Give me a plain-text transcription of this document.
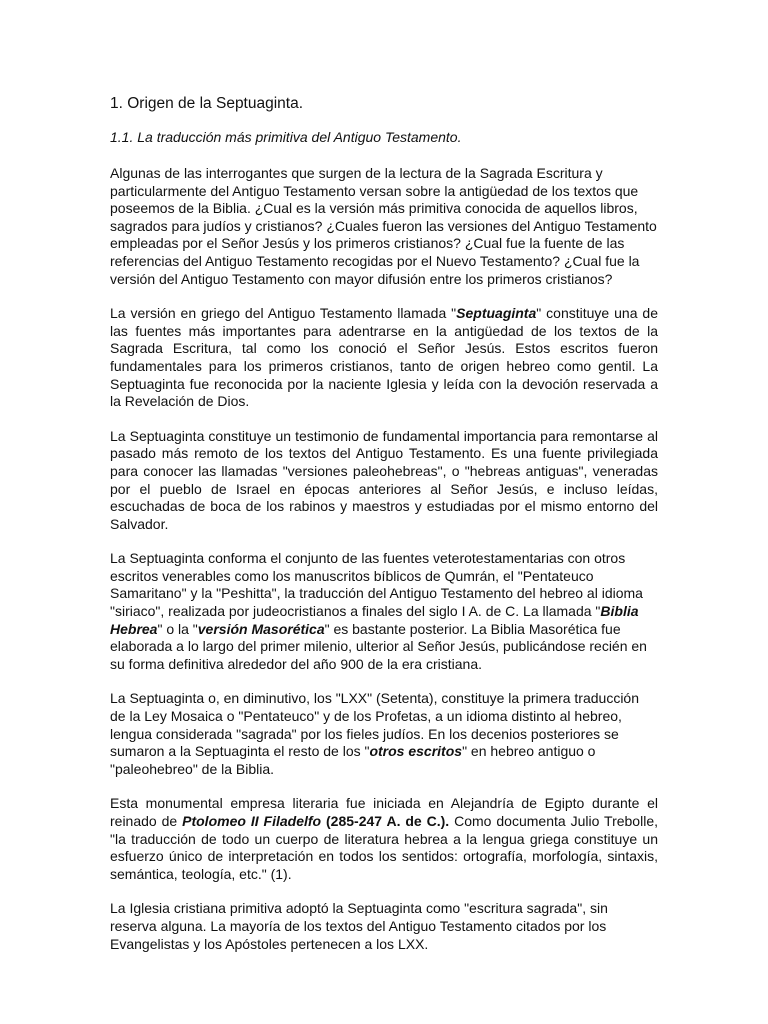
1. Origen de la Septuaginta.
1.1. La traducción más primitiva del Antiguo Testamento.

Algunas de las interrogantes que surgen de la lectura de la Sagrada Escritura y particularmente del Antiguo Testamento versan sobre la antigüedad de los textos que poseemos de la Biblia. ¿Cual es la versión más primitiva conocida de aquellos libros, sagrados para judíos y cristianos? ¿Cuales fueron las versiones del Antiguo Testamento empleadas por el Señor Jesús y los primeros cristianos? ¿Cual fue la fuente de las referencias del Antiguo Testamento recogidas por el Nuevo Testamento? ¿Cual fue la versión del Antiguo Testamento con mayor difusión entre los primeros cristianos?

La versión en griego del Antiguo Testamento llamada "Septuaginta" constituye una de las fuentes más importantes para adentrarse en la antigüedad de los textos de la Sagrada Escritura, tal como los conoció el Señor Jesús. Estos escritos fueron fundamentales para los primeros cristianos, tanto de origen hebreo como gentil. La Septuaginta fue reconocida por la naciente Iglesia y leída con la devoción reservada a la Revelación de Dios.

La Septuaginta constituye un testimonio de fundamental importancia para remontarse al pasado más remoto de los textos del Antiguo Testamento. Es una fuente privilegiada para conocer las llamadas "versiones paleohebreas", o "hebreas antiguas", veneradas por el pueblo de Israel en épocas anteriores al Señor Jesús, e incluso leídas, escuchadas de boca de los rabinos y maestros y estudiadas por el mismo entorno del Salvador.

La Septuaginta conforma el conjunto de las fuentes veterotestamentarias con otros escritos venerables como los manuscritos bíblicos de Qumrán, el "Pentateuco Samaritano" y la "Peshitta", la traducción del Antiguo Testamento del hebreo al idioma "siriaco", realizada por judeocristianos a finales del siglo I A. de C. La llamada "Biblia Hebrea" o la "versión Masorética" es bastante posterior. La Biblia Masorética fue elaborada a lo largo del primer milenio, ulterior al Señor Jesús, publicándose recién en su forma definitiva alrededor del año 900 de la era cristiana.

La Septuaginta o, en diminutivo, los "LXX" (Setenta), constituye la primera traducción de la Ley Mosaica o "Pentateuco" y de los Profetas, a un idioma distinto al hebreo, lengua considerada "sagrada" por los fieles judíos. En los decenios posteriores se sumaron a la Septuaginta el resto de los "otros escritos" en hebreo antiguo o "paleohebreo" de la Biblia.

Esta monumental empresa literaria fue iniciada en Alejandría de Egipto durante el reinado de Ptolomeo II Filadelfo (285-247 A. de C.). Como documenta Julio Trebolle, "la traducción de todo un cuerpo de literatura hebrea a la lengua griega constituye un esfuerzo único de interpretación en todos los sentidos: ortografía, morfología, sintaxis, semántica, teología, etc." (1).

La Iglesia cristiana primitiva adoptó la Septuaginta como "escritura sagrada", sin reserva alguna. La mayoría de los textos del Antiguo Testamento citados por los Evangelistas y los Apóstoles pertenecen a los LXX.
